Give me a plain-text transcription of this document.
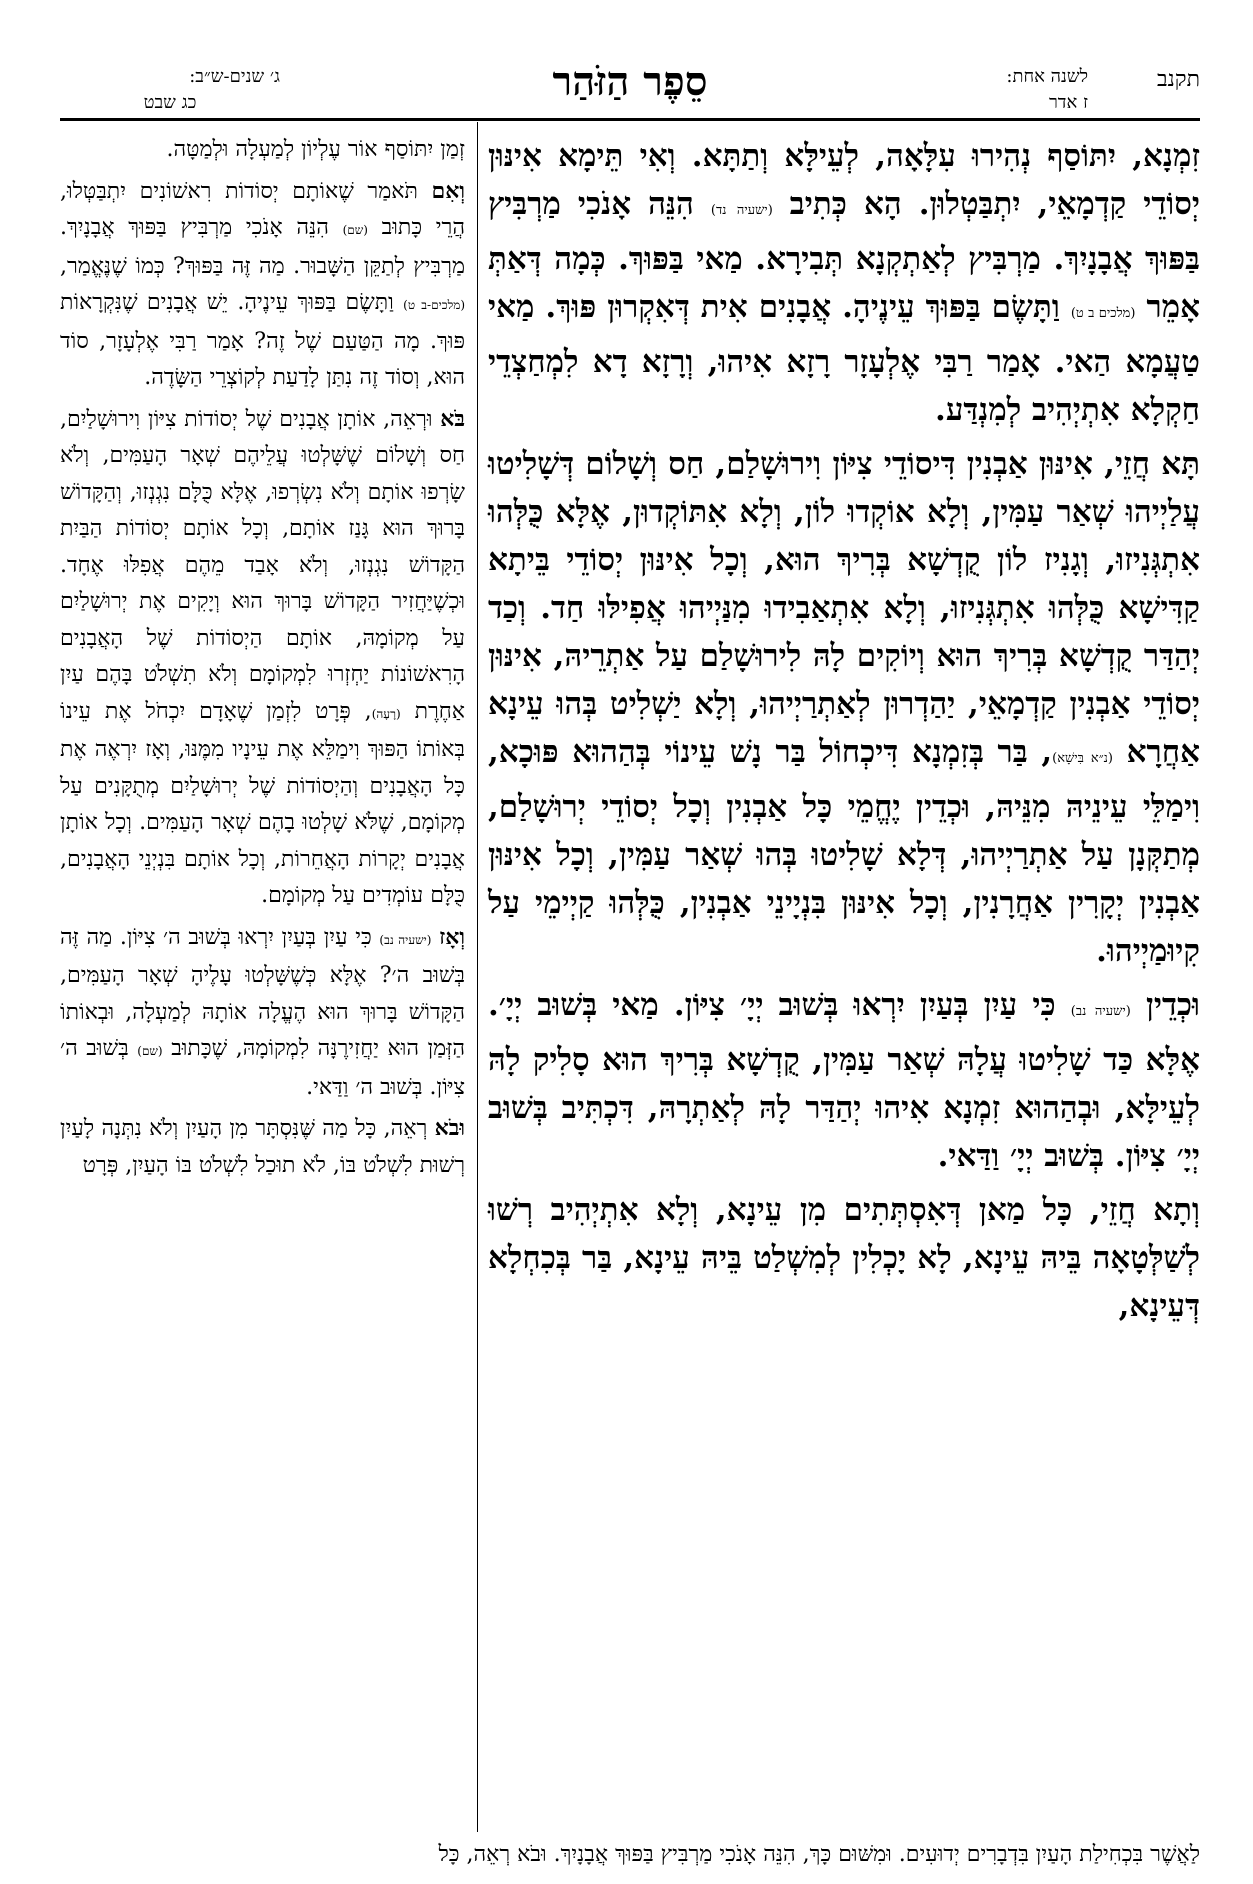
תקנב
לשנה אחת:
ז אדר
סֵפֶר הַזֹּהַר
ג׳ שנים-ש״ב:
כג שבט

זִמְנָא, יִתּוֹסַף נְהִירוּ עִלָּאָה, לְעֵילָּא וְתַתָּא. וְאִי תֵּימָא אִינּוּן יְסוֹדֵי קַדְמָאֵי, יִתְבַּטְלוּן. הָא כְּתִיב (ישעיה נד) הִנֵּה אָנֹכִי מַרְבִּיץ בַּפּוּךְ אֲבָנָיִךְ. מַרְבִּיץ לְאַתְקְנָא תְּבִירָא. מַאי בַּפּוּךְ. כְּמָה דְּאַתְּ אָמֵר (מלכים ב ט) וַתָּשֶׂם בַּפּוּךְ עֵינֶיהָ. אֲבָנִים אִית דְּאִקְרוּן פּוּךְ. מַאי טַעֲמָא הַאי. אָמַר רַבִּי אֶלְעָזָר רָזָא אִיהוּ, וְרָזָא דָא לִמְחַצְדֵי חַקְלָא אִתְיְהִיב לְמִנְדַּע.

תָּא חֲזֵי, אִינּוּן אַבְנִין דִּיסוֹדֵי צִיּוֹן וִירוּשָׁלַם, חַס וְשָׁלוֹם דְּשָׁלִיטוּ עֲלַיְיהוּ שְׁאַר עַמִּין, וְלָא אוֹקְדוּ לוֹן, וְלָא אִתּוֹקְדוּן, אֶלָּא כֻּלְּהוּ אִתְגְּנִיזוּ, וְגָנִיז לוֹן קֻדְשָׁא בְּרִיךְ הוּא, וְכָל אִינּוּן יְסוֹדֵי בֵּיתָא קַדִּישָׁא כֻּלְּהוּ אִתְגְּנִיזוּ, וְלָא אִתְאַבִידוּ מִנַּיְיהוּ אֲפִילּוּ חַד. וְכַד יְהַדַּר קֻדְשָׁא בְּרִיךְ הוּא וְיוֹקִים לָהּ לִירוּשָׁלַם עַל אַתְרֵיהּ, אִינּוּן יְסוֹדֵי אַבְנִין קַדְמָאֵי, יַהַדְרוּן לְאַתְרַיְיהוּ, וְלָא יַשְׁלִיט בְּהוּ עֵינָא אַחֲרָא (נ״א בִּישָׁא), בַּר בְּזִמְנָא דִּיכְחוֹל בַּר נָשׁ עֵינוֹי בְּהַהוּא פּוּכָא, וִימַלֵּי עֵינֵיהּ מִנֵּיהּ, וּכְדֵין יֶחֱמֵי כָּל אַבְנִין וְכָל יְסוֹדֵי יְרוּשָׁלַם, מְתַקְּנָן עַל אַתְרַיְיהוּ, דְּלָא שָׁלִיטוּ בְּהוּ שְׁאַר עַמִּין, וְכָל אִינּוּן אַבְנִין יְקָרִין אַחֲרָנִין, וְכָל אִינּוּן בִּנְיָינֵי אַבְנִין, כֻּלְּהוּ קַיְימֵי עַל קִיוּמַיְיהוּ.

וּכְדֵין (ישעיה נב) כִּי עַיִן בְּעַיִן יִרְאוּ בְּשׁוּב יְיָ׳ צִיּוֹן. מַאי בְּשׁוּב יְיָ׳. אֶלָּא כַּד שָׁלִיטוּ עֲלָהּ שְׁאַר עַמִּין, קֻדְשָׁא בְּרִיךְ הוּא סָלִיק לָהּ לְעֵילָּא, וּבְהַהוּא זִמְנָא אִיהוּ יְהַדַּר לָהּ לְאַתְרָהּ, דִּכְתִּיב בְּשׁוּב יְיָ׳ צִיּוֹן. בְּשׁוּב יְיָ׳ וַדַּאי.

וְתָא חֲזֵי, כָּל מַאן דְּאִסְתְּתִים מִן עֵינָא, וְלָא אִתְיְהִיב רְשׁוּ לְשַׁלְּטָאָה בֵּיהּ עֵינָא, לָא יָכְלִין לְמִשְׁלַט בֵּיהּ עֵינָא, בַּר בְּכִחְלָא דְּעֵינָא,

זְמַן יִתּוֹסַף אוֹר עֶלְיוֹן לְמַעְלָה וּלְמַטָּה.

וְאִם תֹּאמַר שֶׁאוֹתָם יְסוֹדוֹת רִאשׁוֹנִים יִתְבַּטְּלוּ, הֲרֵי כָּתוּב (שם) הִנֵּה אָנֹכִי מַרְבִּיץ בַּפּוּךְ אֲבָנָיִךְ. מַרְבִּיץ לְתַקֵּן הַשָּׁבוּר. מַה זֶּה בַּפּוּךְ? כְּמוֹ שֶׁנֶּאֱמַר, (מלכים-ב ט) וַתָּשֶׂם בַּפּוּךְ עֵינֶיהָ. יֵשׁ אֲבָנִים שֶׁנִּקְרָאוֹת פּוּךְ. מָה הַטַּעַם שֶׁל זֶה? אָמַר רַבִּי אֶלְעָזָר, סוֹד הוּא, וְסוֹד זֶה נִתַּן לָדַעַת לְקוֹצְרֵי הַשָּׂדֶה.

בֹּא וּרְאֵה, אוֹתָן אֲבָנִים שֶׁל יְסוֹדוֹת צִיּוֹן וִירוּשָׁלַיִם, חַס וְשָׁלוֹם שֶׁשָּׁלְטוּ עֲלֵיהֶם שְׁאָר הָעַמִּים, וְלֹא שָׂרְפוּ אוֹתָם וְלֹא נִשְׂרְפוּ, אֶלָּא כֻּלָּם נִגְנְזוּ, וְהַקָּדוֹשׁ בָּרוּךְ הוּא גָּנַז אוֹתָם, וְכָל אוֹתָם יְסוֹדוֹת הַבַּיִת הַקָּדוֹשׁ נִגְנְזוּ, וְלֹא אָבַד מֵהֶם אֲפִלּוּ אֶחָד. וּכְשֶׁיַּחֲזִיר הַקָּדוֹשׁ בָּרוּךְ הוּא וְיָקִים אֶת יְרוּשָׁלַיִם עַל מְקוֹמָהּ, אוֹתָם הַיְסוֹדוֹת שֶׁל הָאֲבָנִים הָרִאשׁוֹנוֹת יַחְזְרוּ לִמְקוֹמָם וְלֹא תִשְׁלֹט בָּהֶם עַיִן אַחֶרֶת (רָעָה), פְּרָט לִזְמַן שֶׁאָדָם יִכְחֹל אֶת עֵינוֹ בְּאוֹתוֹ הַפּוּךְ וִימַלֵּא אֶת עֵינָיו מִמֶּנּוּ, וְאָז יִרְאֶה אֶת כָּל הָאֲבָנִים וְהַיְסוֹדוֹת שֶׁל יְרוּשָׁלַיִם מְתֻקָּנִים עַל מְקוֹמָם, שֶׁלֹּא שָׁלְטוּ בָהֶם שְׁאָר הָעַמִּים. וְכָל אוֹתָן אֲבָנִים יְקָרוֹת הָאֲחֵרוֹת, וְכָל אוֹתָם בִּנְיְנֵי הָאֲבָנִים, כֻּלָּם עוֹמְדִים עַל מְקוֹמָם.

וְאָז (ישעיה נב) כִּי עַיִן בְּעַיִן יִרְאוּ בְּשׁוּב ה׳ צִיּוֹן. מַה זֶּה בְּשׁוּב ה׳? אֶלָּא כְּשֶׁשָּׁלְטוּ עָלֶיהָ שְׁאָר הָעַמִּים, הַקָּדוֹשׁ בָּרוּךְ הוּא הֶעֱלָה אוֹתָהּ לְמַעְלָה, וּבְאוֹתוֹ הַזְּמַן הוּא יַחֲזִירֶנָּה לִמְקוֹמָהּ, שֶׁכָּתוּב (שם) בְּשׁוּב ה׳ צִיּוֹן. בְּשׁוּב ה׳ וַדַּאי.

וּבֹא רְאֵה, כָּל מַה שֶּׁנִּסְתָּר מִן הָעַיִן וְלֹא נִתְּנָה לָעַיִן רְשׁוּת לִשְׁלֹט בּוֹ, לֹא תוּכַל לִשְׁלֹט בּוֹ הָעַיִן, פְּרָט

לַאֲשֶׁר בִּכְחִילַת הָעַיִן בִּדְבָרִים יְדוּעִים. וּמִשּׁוּם כָּךְ, הִנֵּה אָנֹכִי מַרְבִּיץ בַּפּוּךְ אֲבָנָיִךְ. וּבֹא רְאֵה, כָּל
